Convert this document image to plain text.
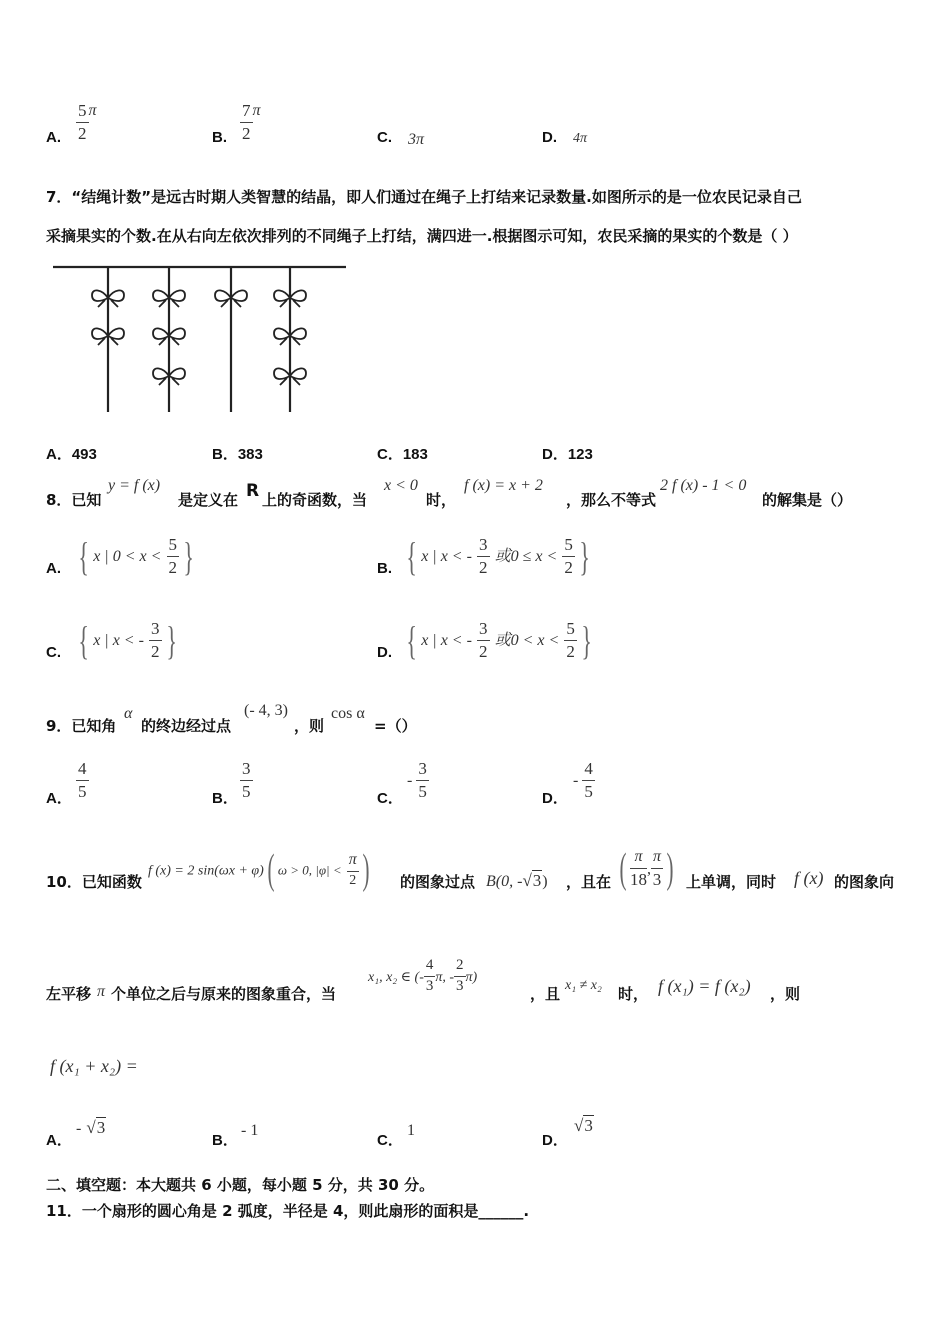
A. $\frac{5}{2}$ π
B. $\frac{7}{2}$ π
C. 3π	D. 4π
7．“结绳计数”是远古时期人类智慧的结晶，即人们通过在绳子上打结来记录数量.如图所示的是一位农民记录自己
采摘果实的个数.在从右向左依次排列的不同绳子上打结，满四进一.根据图示可知，农民采摘的果实的个数是（ ）
A．493	B．383	C．183	D．123
8．已知
y = f (x)
是定义在 R 上的奇函数，当
x < 0
时，
f (x) = x + 2
，那么不等式
2 f (x) - 1 < 0
的解集是（）
A. { x | $0 < x < \frac{5}{2}$ }	B. { x | x < - $\frac{3}{2}$ 或$0 \le x < \frac{5}{2}$ }
C. { x | x < - $\frac{3}{2}$ }	D. { x | x < - $\frac{3}{2}$ 或$0 < x < \frac{5}{2}$ }
9．已知角
α
的终边经过点
(- 4, 3)
，则
cos α
=（）
A． $\frac{4}{5}$	B． $\frac{3}{5}$	C．
- $\frac{3}{5}$	D．
- $\frac{4}{5}$
10．已知函数
f (x) = 2 sin(ωx + φ)( ω > 0, $|\varphi| < \frac{\pi}{2}$ ) 的图象过点 B(0, -√3) ，且在 ( $\frac{\pi}{18}$ , $\frac{\pi}{3}$ ) 上单调，同时 f (x) 的图象向
左平移 π 个单位之后与原来的图象重合，当
x₁, x₂ ∈ (- $\frac{4}{3} \pi$, - $\frac{2}{3} \pi$)
，且 x₁ ≠ x₂ 时， f (x₁) = f (x₂) ，则
f (x₁ + x₂) =
A．
- √3
B．
- 1
C．
1
D．
√3
二、填空题：本大题共 6 小题，每小题 5 分，共 30 分。
11．一个扇形的圆心角是 2 弧度，半径是 4，则此扇形的面积是______.
